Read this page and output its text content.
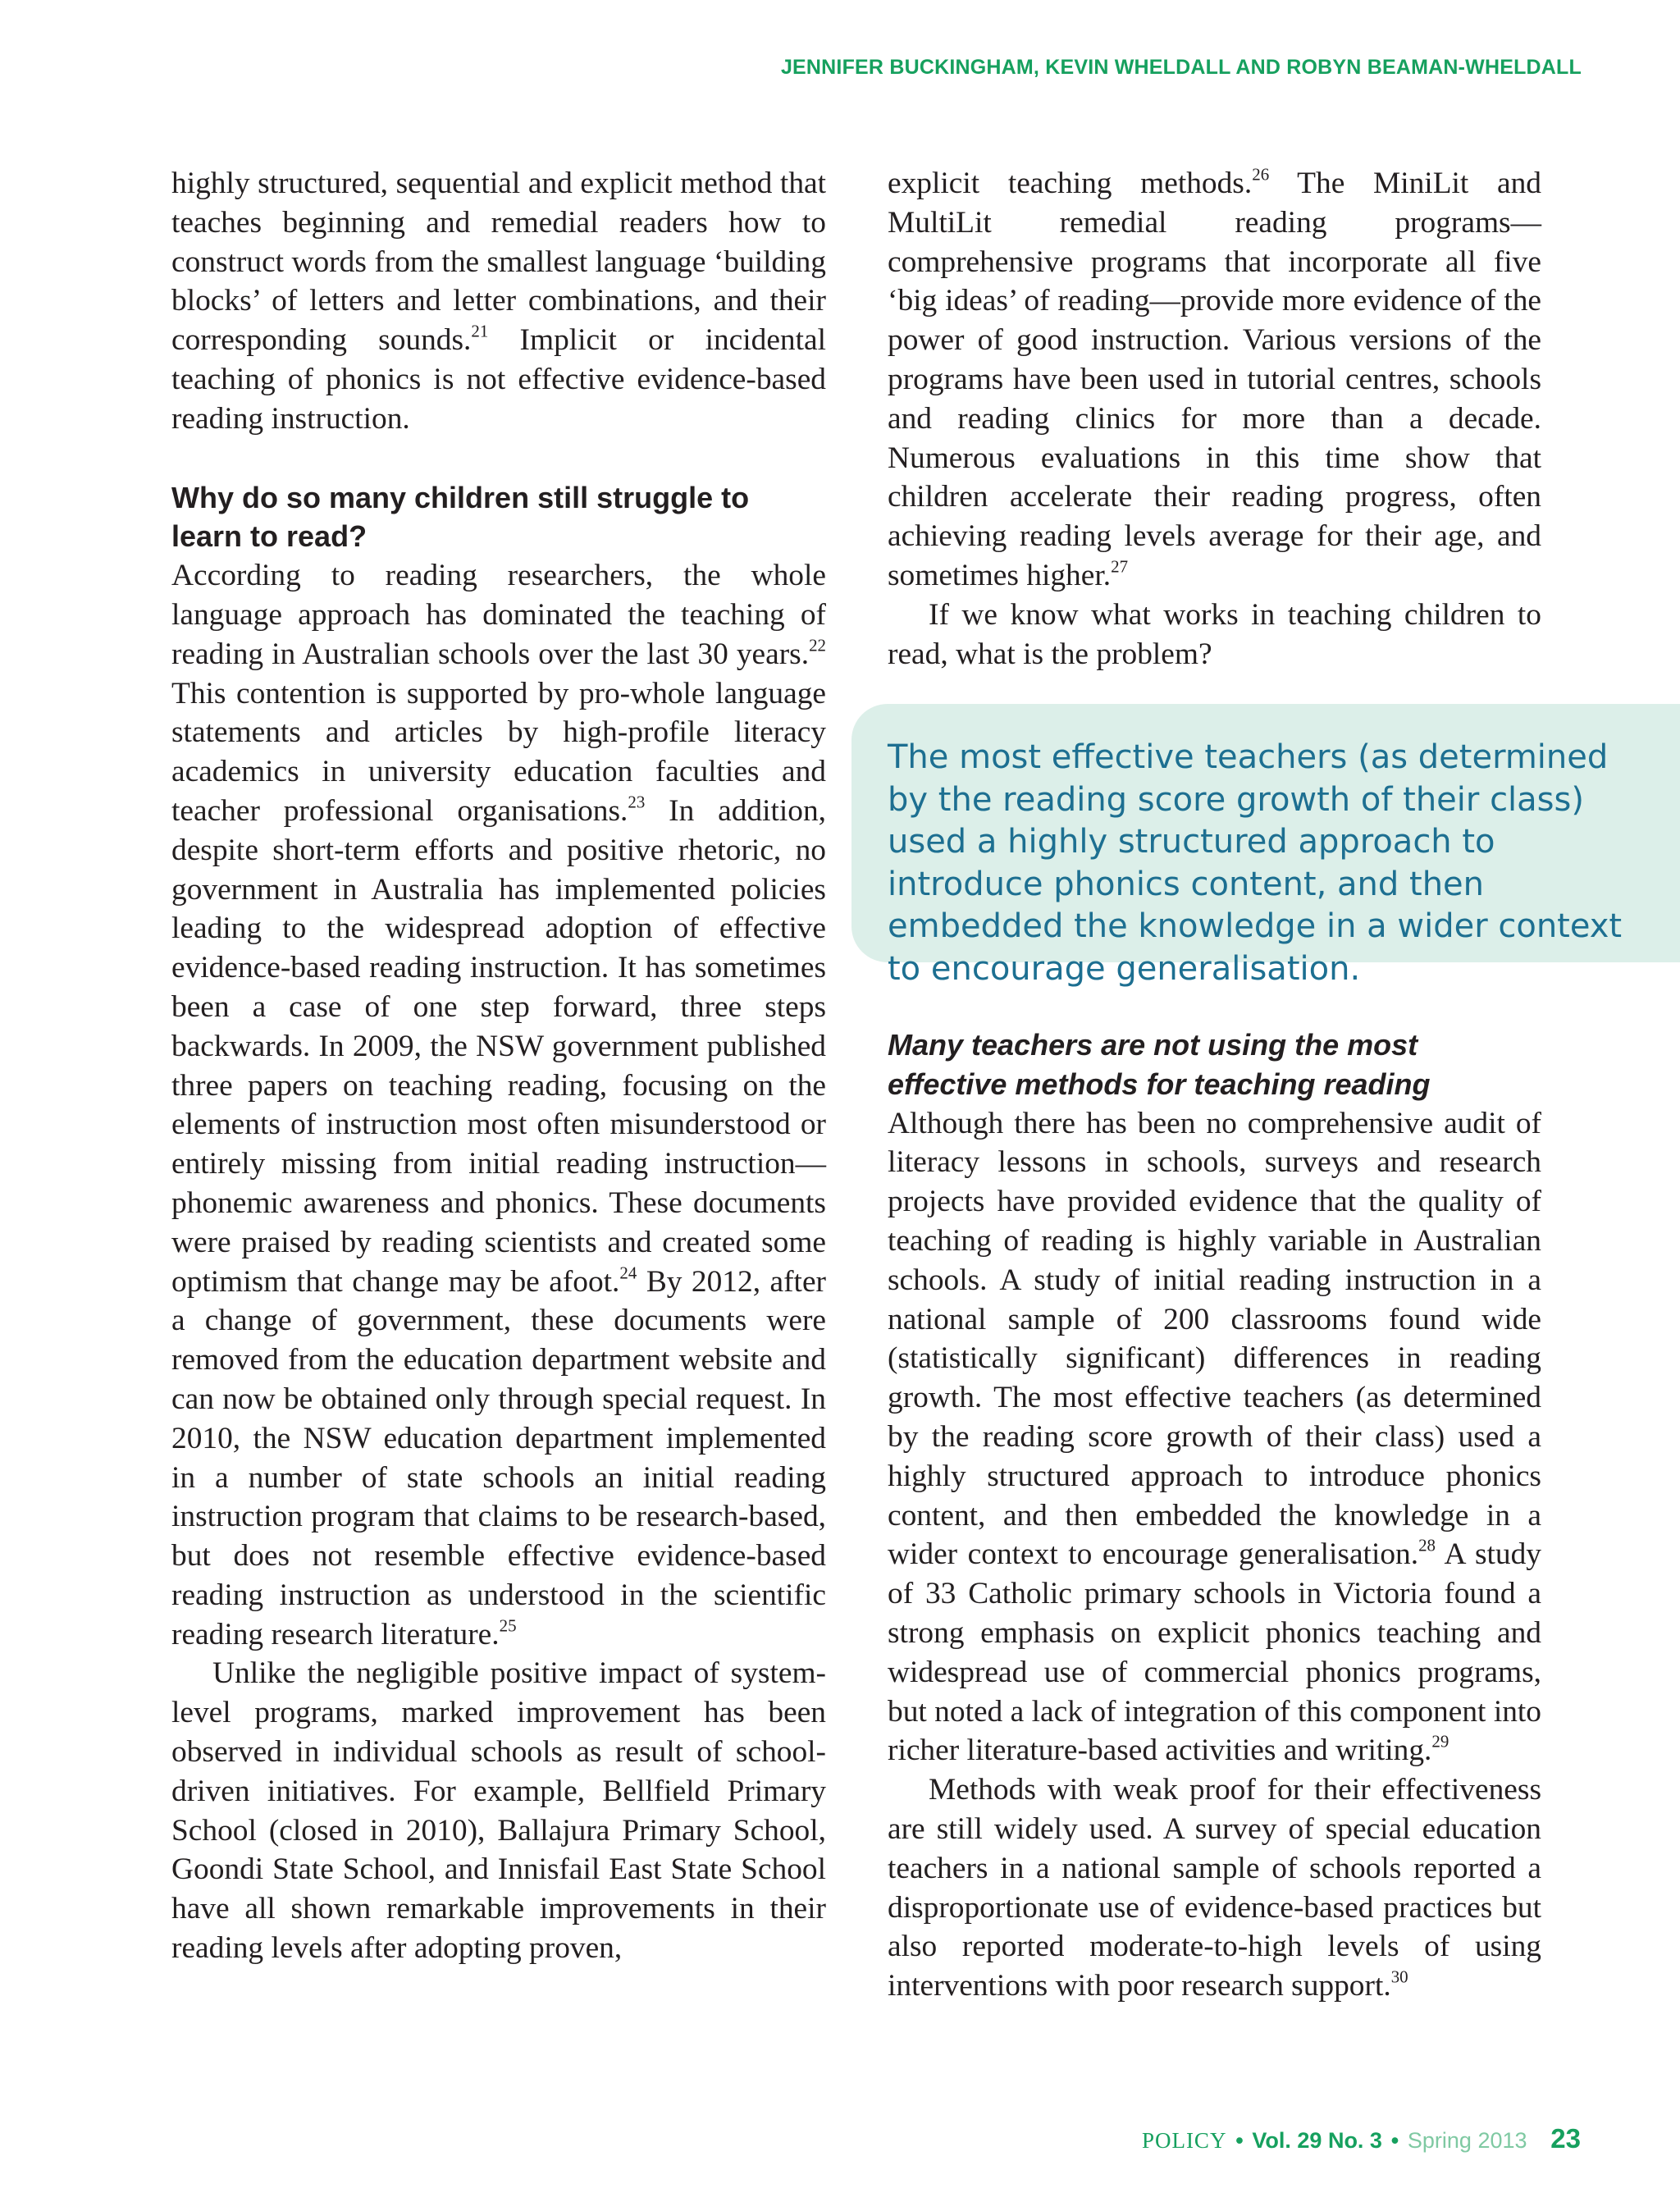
JENNIFER BUCKINGHAM, KEVIN WHELDALL AND ROBYN BEAMAN-WHELDALL

highly structured, sequential and explicit method that teaches beginning and remedial readers how to construct words from the smallest language ‘building blocks’ of letters and letter combinations, and their corresponding sounds.$^{21}$ Implicit or incidental teaching of phonics is not effective evidence-based reading instruction.

Why do so many children still struggle to learn to read?

According to reading researchers, the whole language approach has dominated the teaching of reading in Australian schools over the last 30 years.$^{22}$ This contention is supported by pro-whole language statements and articles by high-profile literacy academics in university education faculties and teacher professional organisations.$^{23}$ In addition, despite short-term efforts and positive rhetoric, no government in Australia has implemented policies leading to the widespread adoption of effective evidence-based reading instruction. It has sometimes been a case of one step forward, three steps backwards. In 2009, the NSW government published three papers on teaching reading, focusing on the elements of instruction most often misunderstood or entirely missing from initial reading instruction—phonemic awareness and phonics. These documents were praised by reading scientists and created some optimism that change may be afoot.$^{24}$ By 2012, after a change of government, these documents were removed from the education department website and can now be obtained only through special request. In 2010, the NSW education department implemented in a number of state schools an initial reading instruction program that claims to be research-based, but does not resemble effective evidence-based reading instruction as understood in the scientific reading research literature.$^{25}$

Unlike the negligible positive impact of system-level programs, marked improvement has been observed in individual schools as result of school-driven initiatives. For example, Bellfield Primary School (closed in 2010), Ballajura Primary School, Goondi State School, and Innisfail East State School have all shown remarkable improvements in their reading levels after adopting proven,

explicit teaching methods.$^{26}$ The MiniLit and MultiLit remedial reading programs—comprehensive programs that incorporate all five ‘big ideas’ of reading—provide more evidence of the power of good instruction. Various versions of the programs have been used in tutorial centres, schools and reading clinics for more than a decade. Numerous evaluations in this time show that children accelerate their reading progress, often achieving reading levels average for their age, and sometimes higher.$^{27}$

If we know what works in teaching children to read, what is the problem?

The most effective teachers (as determined by the reading score growth of their class) used a highly structured approach to introduce phonics content, and then embedded the knowledge in a wider context to encourage generalisation.
Many teachers are not using the most effective methods for teaching reading

Although there has been no comprehensive audit of literacy lessons in schools, surveys and research projects have provided evidence that the quality of teaching of reading is highly variable in Australian schools. A study of initial reading instruction in a national sample of 200 classrooms found wide (statistically significant) differences in reading growth. The most effective teachers (as determined by the reading score growth of their class) used a highly structured approach to introduce phonics content, and then embedded the knowledge in a wider context to encourage generalisation.$^{28}$ A study of 33 Catholic primary schools in Victoria found a strong emphasis on explicit phonics teaching and widespread use of commercial phonics programs, but noted a lack of integration of this component into richer literature-based activities and writing.$^{29}$

Methods with weak proof for their effectiveness are still widely used. A survey of special education teachers in a national sample of schools reported a disproportionate use of evidence-based practices but also reported moderate-to-high levels of using interventions with poor research support.$^{30}$

POLICY • Vol. 29 No. 3 • Spring 2013 23
